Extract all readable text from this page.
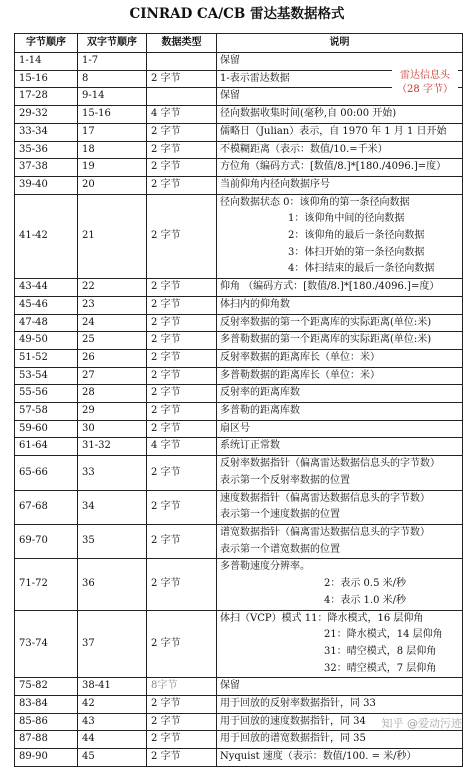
CINRAD CA/CB 雷达基数据格式
字节顺序	双字节顺序	数据类型	说明
1-14	1-7		保留

15-16	8	2 字节	1-表示雷达数据 雷达信息头
（28 字节）

17-28	9-14		保留

29-32	15-16	4 字节	径向数据收集时间(毫秒,自 00:00 开始)

33-34	17	2 字节	儒略日（Julian）表示，自 1970 年 1 月 1 日开始

35-36	18	2 字节	不模糊距离（表示：数值/10.=千米）

37-38	19	2 字节	方位角（编码方式：[数值/8.]*[180./4096.]=度）

39-40	20	2 字节	当前仰角内径向数据序号

41-42	21	2 字节	径向数据状态 0：该仰角的第一条径向数据
1：该仰角中间的径向数据
2：该仰角的最后一条径向数据
3：体扫开始的第一条径向数据
4：体扫结束的最后一条径向数据

43-44	22	2 字节	仰角 （编码方式：[数值/8.]*[180./4096.]=度）

45-46	23	2 字节	体扫内的仰角数

47-48	24	2 字节	反射率数据的第一个距离库的实际距离(单位:米)

49-50	25	2 字节	多普勒数据的第一个距离库的实际距离(单位:米)

51-52	26	2 字节	反射率数据的距离库长（单位：米）

53-54	27	2 字节	多普勒数据的距离库长（单位：米）

55-56	28	2 字节	反射率的距离库数

57-58	29	2 字节	多普勒的距离库数

59-60	30	2 字节	扇区号

61-64	31-32	4 字节	系统订正常数

65-66	33	2 字节	反射率数据指针（偏离雷达数据信息头的字节数）
表示第一个反射率数据的位置

67-68	34	2 字节	速度数据指针（偏离雷达数据信息头的字节数）
表示第一个速度数据的位置

69-70	35	2 字节	谱宽数据指针（偏离雷达数据信息头的字节数）
表示第一个谱宽数据的位置

71-72	36	2 字节	多普勒速度分辨率。
2：表示 0.5 米/秒
4：表示 1.0 米/秒

73-74	37	2 字节	体扫（VCP）模式 11：降水模式，16 层仰角
21：降水模式，14 层仰角
31：晴空模式，8 层仰角
32：晴空模式，7 层仰角

75-82	38-41	8字节	保留

83-84	42	2 字节	用于回放的反射率数据指针，同 33

85-86	43	2 字节	用于回放的速度数据指针，同 34

87-88	44	2 字节	用于回放的谱宽数据指针，同 35

89-90	45	2 字节	Nyquist 速度（表示：数值/100. = 米/秒）
知乎 @爱动污迹
